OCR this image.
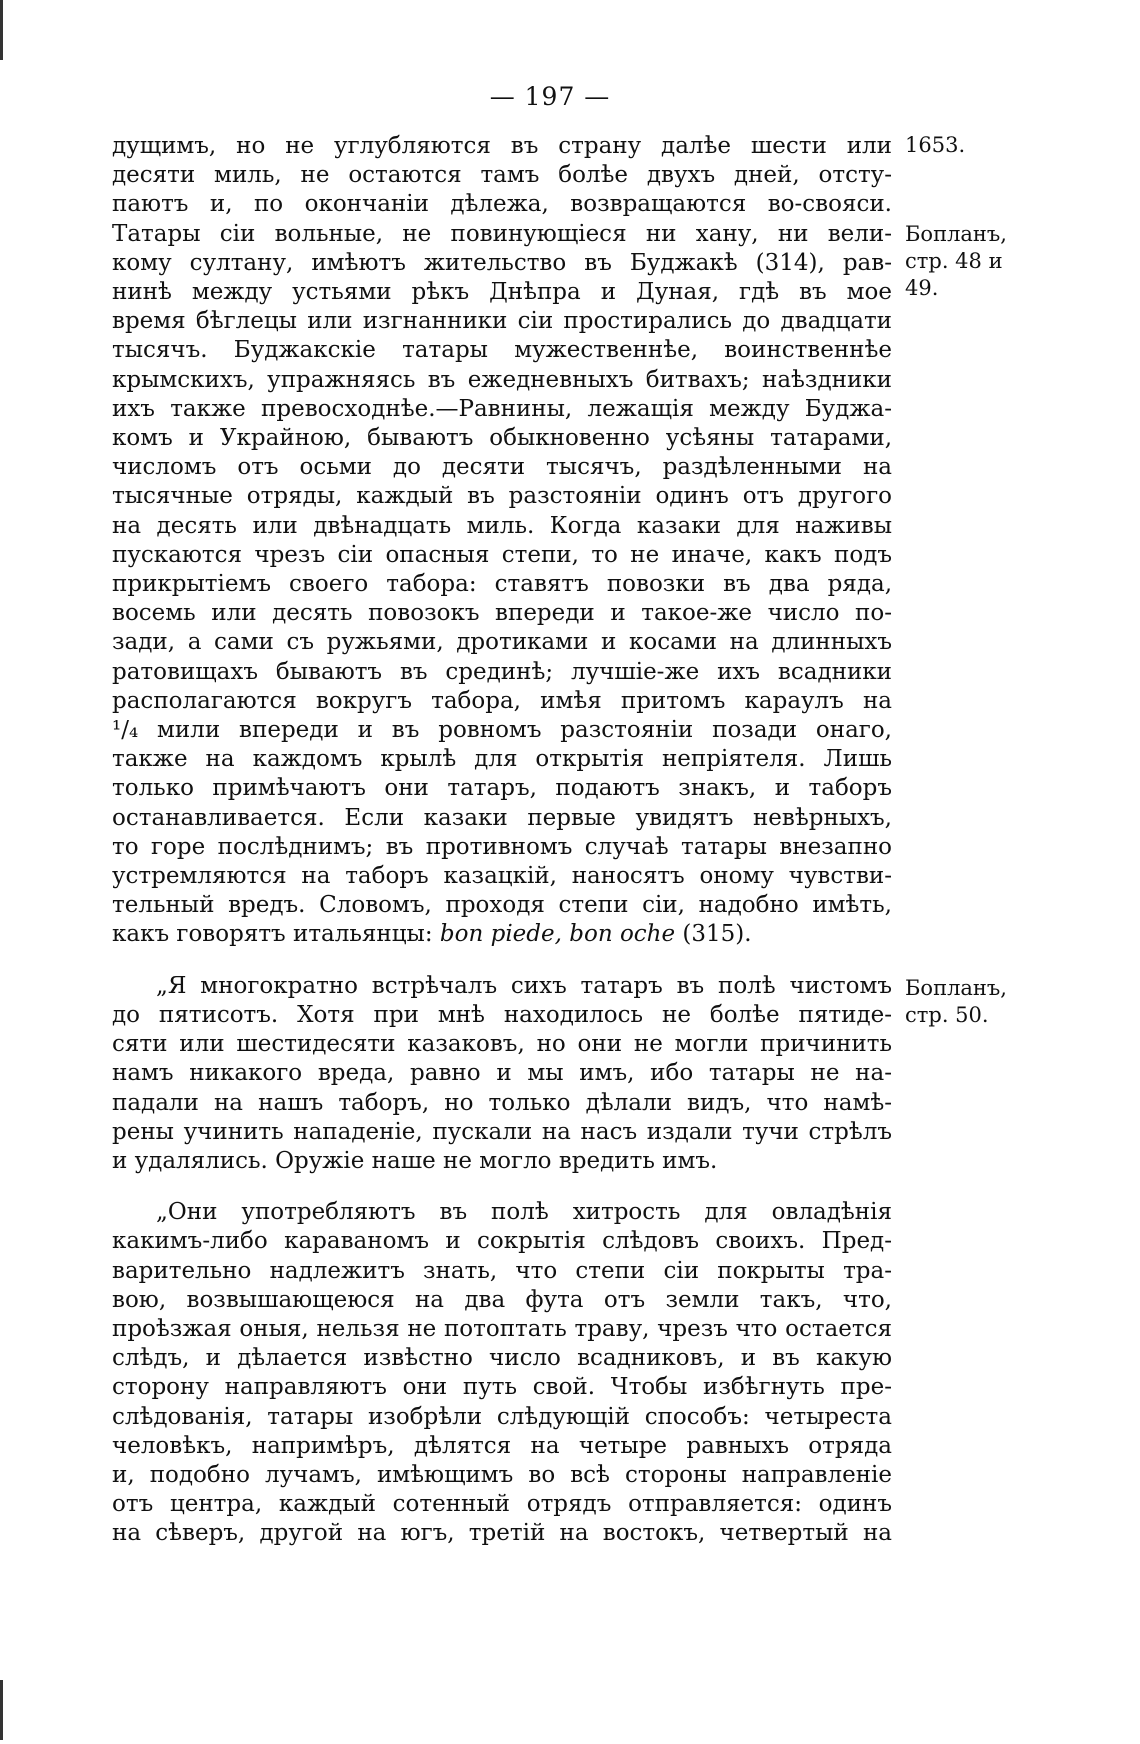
— 197 —
1653.
Бопланъ,
стр. 48 и
49.
Бопланъ,
стр. 50.
дущимъ, но не углубляются въ страну далѣе шести или
десяти миль, не остаются тамъ болѣе двухъ дней, отсту-
паютъ и, по окончаніи дѣлежа, возвращаются во-свояси.
Татары сіи вольные, не повинующіеся ни хану, ни вели-
кому султану, имѣютъ жительство въ Буджакѣ (314), рав-
нинѣ между устьями рѣкъ Днѣпра и Дуная, гдѣ въ мое
время бѣглецы или изгнанники сіи простирались до двадцати
тысячъ. Буджакскіе татары мужественнѣе, воинственнѣе
крымскихъ, упражняясь въ ежедневныхъ битвахъ; наѣздники
ихъ также превосходнѣе.—Равнины, лежащія между Буджа-
комъ и Украйною, бываютъ обыкновенно усѣяны татарами,
числомъ отъ осьми до десяти тысячъ, раздѣленными на
тысячные отряды, каждый въ разстояніи одинъ отъ другого
на десять или двѣнадцать миль. Когда казаки для наживы
пускаются чрезъ сіи опасныя степи, то не иначе, какъ подъ
прикрытіемъ своего табора: ставятъ повозки въ два ряда,
восемь или десять повозокъ впереди и такое-же число по-
зади, а сами съ ружьями, дротиками и косами на длинныхъ
ратовищахъ бываютъ въ срединѣ; лучшіе-же ихъ всадники
располагаются вокругъ табора, имѣя притомъ караулъ на
¹/₄ мили впереди и въ ровномъ разстояніи позади онаго,
также на каждомъ крылѣ для открытія непріятеля. Лишь
только примѣчаютъ они татаръ, подаютъ знакъ, и таборъ
останавливается. Если казаки первые увидятъ невѣрныхъ,
то горе послѣднимъ; въ противномъ случаѣ татары внезапно
устремляются на таборъ казацкій, наносятъ оному чувстви-
тельный вредъ. Словомъ, проходя степи сіи, надобно имѣть,
какъ говорятъ итальянцы: bon piede, bon oche (315).
„Я многократно встрѣчалъ сихъ татаръ въ полѣ чистомъ
до пятисотъ. Хотя при мнѣ находилось не болѣе пятиде-
сяти или шестидесяти казаковъ, но они не могли причинить
намъ никакого вреда, равно и мы имъ, ибо татары не на-
падали на нашъ таборъ, но только дѣлали видъ, что намѣ-
рены учинить нападеніе, пускали на насъ издали тучи стрѣлъ
и удалялись. Оружіе наше не могло вредить имъ.
„Они употребляютъ въ полѣ хитрость для овладѣнія
какимъ-либо караваномъ и сокрытія слѣдовъ своихъ. Пред-
варительно надлежитъ знать, что степи сіи покрыты тра-
вою, возвышающеюся на два фута отъ земли такъ, что,
проѣзжая оныя, нельзя не потоптать траву, чрезъ что остается
слѣдъ, и дѣлается извѣстно число всадниковъ, и въ какую
сторону направляютъ они путь свой. Чтобы избѣгнуть пре-
слѣдованія, татары изобрѣли слѣдующій способъ: четыреста
человѣкъ, напримѣръ, дѣлятся на четыре равныхъ отряда
и, подобно лучамъ, имѣющимъ во всѣ стороны направленіе
отъ центра, каждый сотенный отрядъ отправляется: одинъ
на сѣверъ, другой на югъ, третій на востокъ, четвертый на
